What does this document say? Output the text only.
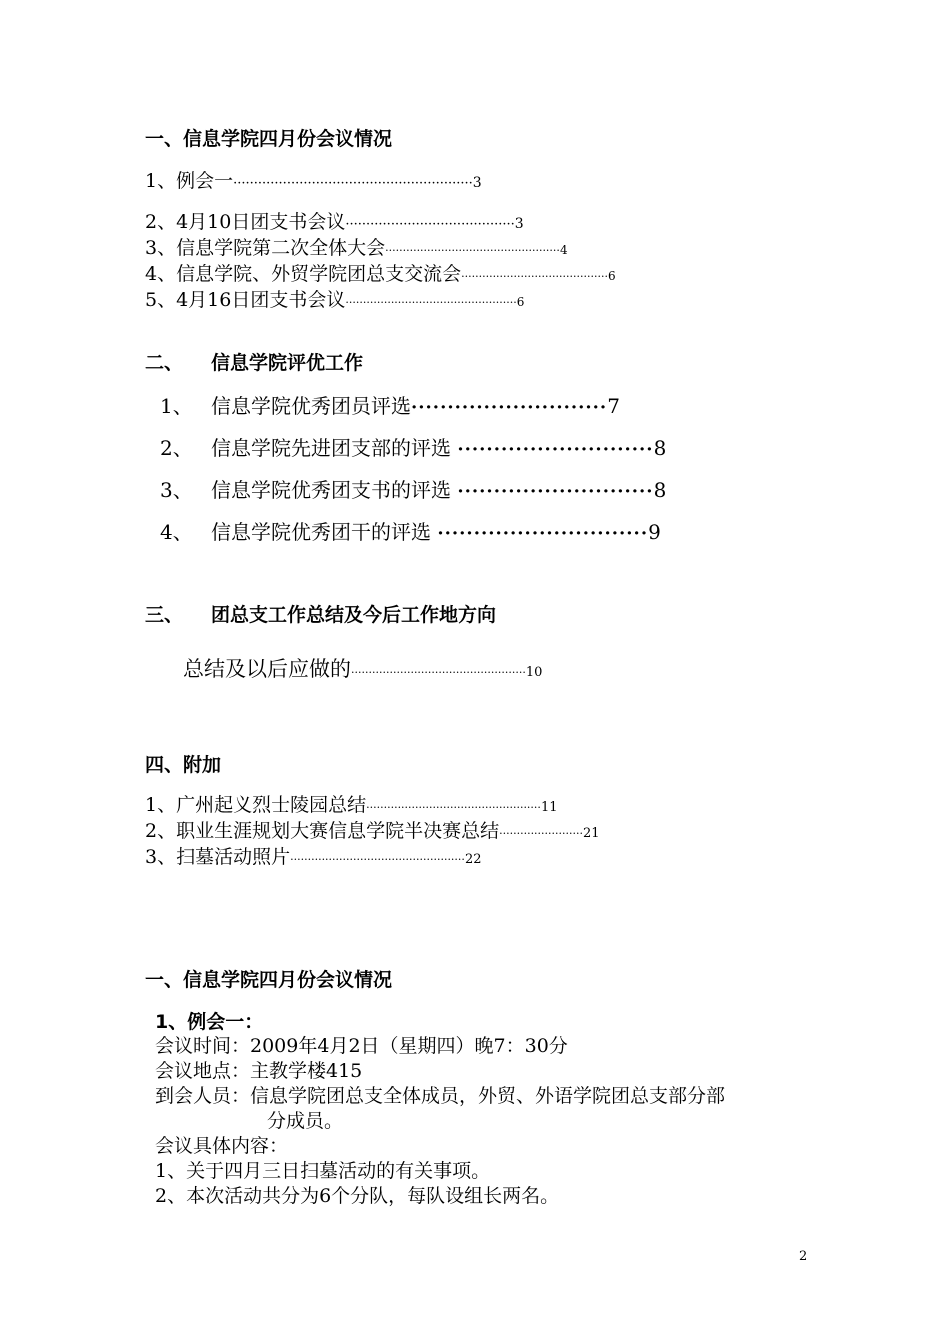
一、信息学院四月份会议情况
1、例会一 ·························································· 3
2、4月10日团支书会议 ········································· 3
3、信息学院第二次全体大会 ·················································· 4
4、信息学院、外贸学院团总支交流会 ·········································· 6
5、4月16日团支书会议 ················································· 6
二、 信息学院评优工作
1、 信息学院优秀团员评选 ··························· 7
2、 信息学院先进团支部的评选 ··························· 8
3、 信息学院优秀团支书的评选 ··························· 8
4、 信息学院优秀团干的评选 ····························· 9
三、 团总支工作总结及今后工作地方向
总结及以后应做的 ·················································· 10
四、附加
1、广州起义烈士陵园总结 ·················································· 11
2、职业生涯规划大赛信息学院半决赛总结 ························ 21
3、扫墓活动照片 ·················································· 22
一、信息学院四月份会议情况
1、例会一：
会议时间：2009年4月2日（星期四）晚7：30分
会议地点：主教学楼415
到会人员：信息学院团总支全体成员，外贸、外语学院团总支部分部
分成员。
会议具体内容：
1、关于四月三日扫墓活动的有关事项。
2、本次活动共分为6个分队，每队设组长两名。
2
